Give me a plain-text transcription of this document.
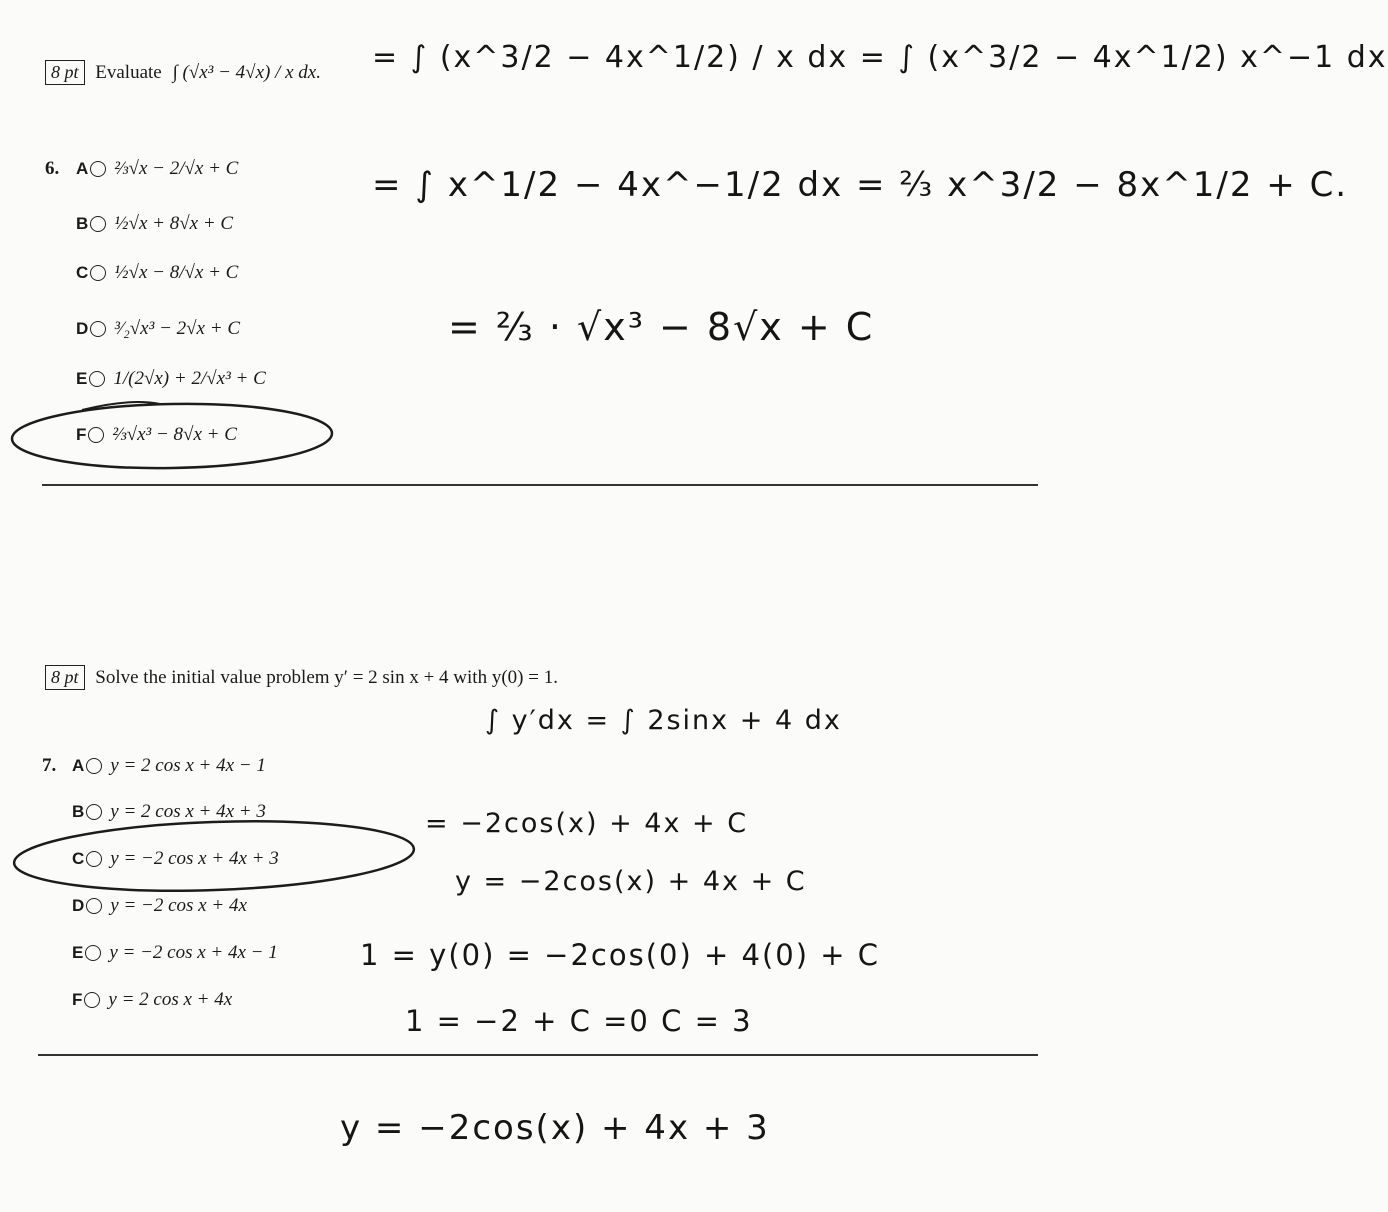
8 pt Evaluate ∫ (√x³ − 4√x) / x dx.
6. A ⅔√x − 2/√x + C
B ½√x + 8√x + C
C ½√x − 8/√x + C
D ³⁄₂√x³ − 2√x + C
E 1/(2√x) + 2/√x³ + C
F ⅔√x³ − 8√x + C
= ∫ (x^3/2 − 4x^1/2) / x dx = ∫ (x^3/2 − 4x^1/2) x^−1 dx
= ∫ x^1/2 − 4x^−1/2 dx = ⅔ x^3/2 − 8x^1/2 + C.
= ⅔ · √x³ − 8√x + C
8 pt Solve the initial value problem y′ = 2 sin x + 4 with y(0) = 1.
7. A y = 2 cos x + 4x − 1
B y = 2 cos x + 4x + 3
C y = −2 cos x + 4x + 3
D y = −2 cos x + 4x
E y = −2 cos x + 4x − 1
F y = 2 cos x + 4x
∫ y′dx = ∫ 2sinx + 4 dx
= −2cos(x) + 4x + C
y = −2cos(x) + 4x + C
1 = y(0) = −2cos(0) + 4(0) + C
1 = −2 + C =0 C = 3
y = −2cos(x) + 4x + 3
